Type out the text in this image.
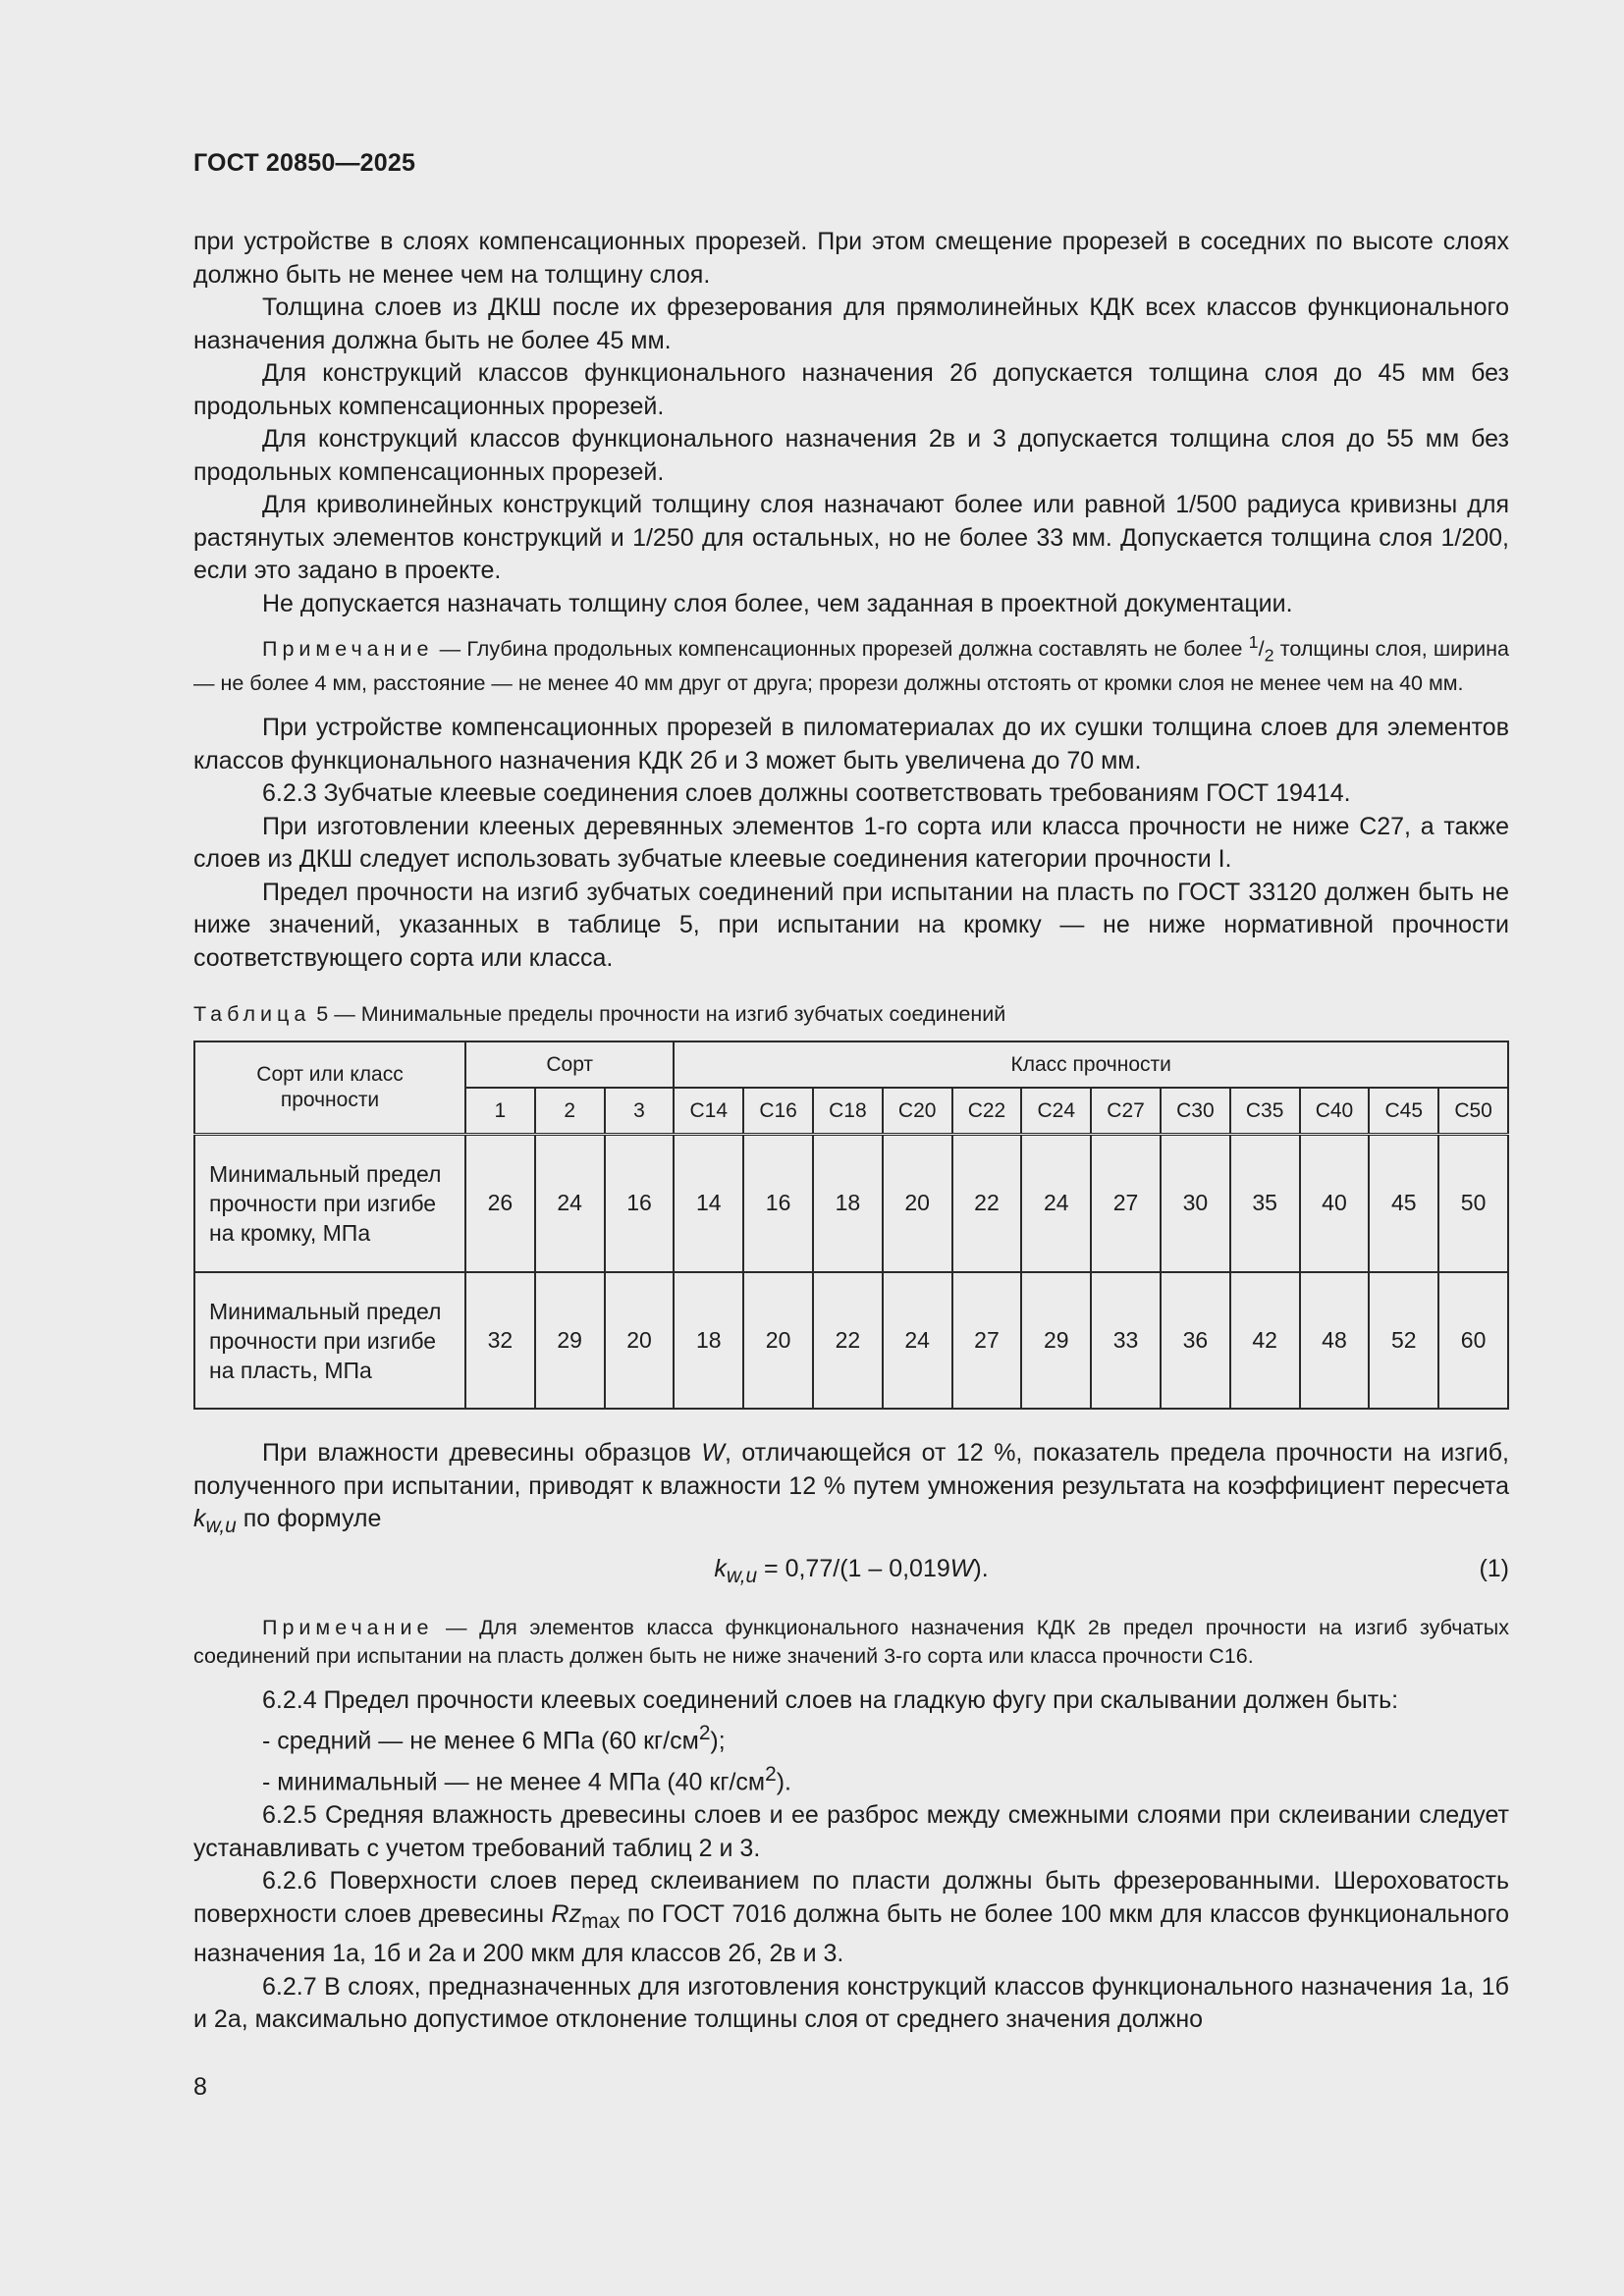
ГОСТ 20850—2025

при устройстве в слоях компенсационных прорезей. При этом смещение прорезей в соседних по высоте слоях должно быть не менее чем на толщину слоя.

Толщина слоев из ДКШ после их фрезерования для прямолинейных КДК всех классов функционального назначения должна быть не более 45 мм.

Для конструкций классов функционального назначения 2б допускается толщина слоя до 45 мм без продольных компенсационных прорезей.

Для конструкций классов функционального назначения 2в и 3 допускается толщина слоя до 55 мм без продольных компенсационных прорезей.

Для криволинейных конструкций толщину слоя назначают более или равной 1/500 радиуса кривизны для растянутых элементов конструкций и 1/250 для остальных, но не более 33 мм. Допускается толщина слоя 1/200, если это задано в проекте.

Не допускается назначать толщину слоя более, чем заданная в проектной документации.

Примечание — Глубина продольных компенсационных прорезей должна составлять не более $^1/_2$ толщины слоя, ширина — не более 4 мм, расстояние — не менее 40 мм друг от друга; прорези должны отстоять от кромки слоя не менее чем на 40 мм.

При устройстве компенсационных прорезей в пиломатериалах до их сушки толщина слоев для элементов классов функционального назначения КДК 2б и 3 может быть увеличена до 70 мм.

6.2.3 Зубчатые клеевые соединения слоев должны соответствовать требованиям ГОСТ 19414.

При изготовлении клееных деревянных элементов 1-го сорта или класса прочности не ниже С27, а также слоев из ДКШ следует использовать зубчатые клеевые соединения категории прочности I.

Предел прочности на изгиб зубчатых соединений при испытании на пласть по ГОСТ 33120 должен быть не ниже значений, указанных в таблице 5, при испытании на кромку — не ниже нормативной прочности соответствующего сорта или класса.

Таблица 5 — Минимальные пределы прочности на изгиб зубчатых соединений

Сорт или класс прочности	Сорт			Класс прочности											
	1	2	3	С14	С16	С18	С20	С22	С24	С27	С30	С35	С40	С45	С50
Минимальный предел прочности при изгибе на кромку, МПа	26	24	16	14	16	18	20	22	24	27	30	35	40	45	50
Минимальный предел прочности при изгибе на пласть, МПа	32	29	20	18	20	22	24	27	29	33	36	42	48	52	60

При влажности древесины образцов W, отличающейся от 12 %, показатель предела прочности на изгиб, полученного при испытании, приводят к влажности 12 % путем умножения результата на коэффициент пересчета $k_{w,u}$ по формуле

$k_{w,u} = 0,77/(1 - 0,019W)$.	(1)

Примечание — Для элементов класса функционального назначения КДК 2в предел прочности на изгиб зубчатых соединений при испытании на пласть должен быть не ниже значений 3-го сорта или класса прочности С16.

6.2.4 Предел прочности клеевых соединений слоев на гладкую фугу при скалывании должен быть:

- средний — не менее 6 МПа (60 $кг/см^2$);

- минимальный — не менее 4 МПа (40 $кг/см^2$).

6.2.5 Средняя влажность древесины слоев и ее разброс между смежными слоями при склеивании следует устанавливать с учетом требований таблиц 2 и 3.

6.2.6 Поверхности слоев перед склеиванием по пласти должны быть фрезерованными. Шероховатость поверхности слоев древесины $Rz_{max}$ по ГОСТ 7016 должна быть не более 100 мкм для классов функционального назначения 1а, 1б и 2а и 200 мкм для классов 2б, 2в и 3.

6.2.7 В слоях, предназначенных для изготовления конструкций классов функционального назначения 1а, 1б и 2а, максимально допустимое отклонение толщины слоя от среднего значения должно

8
